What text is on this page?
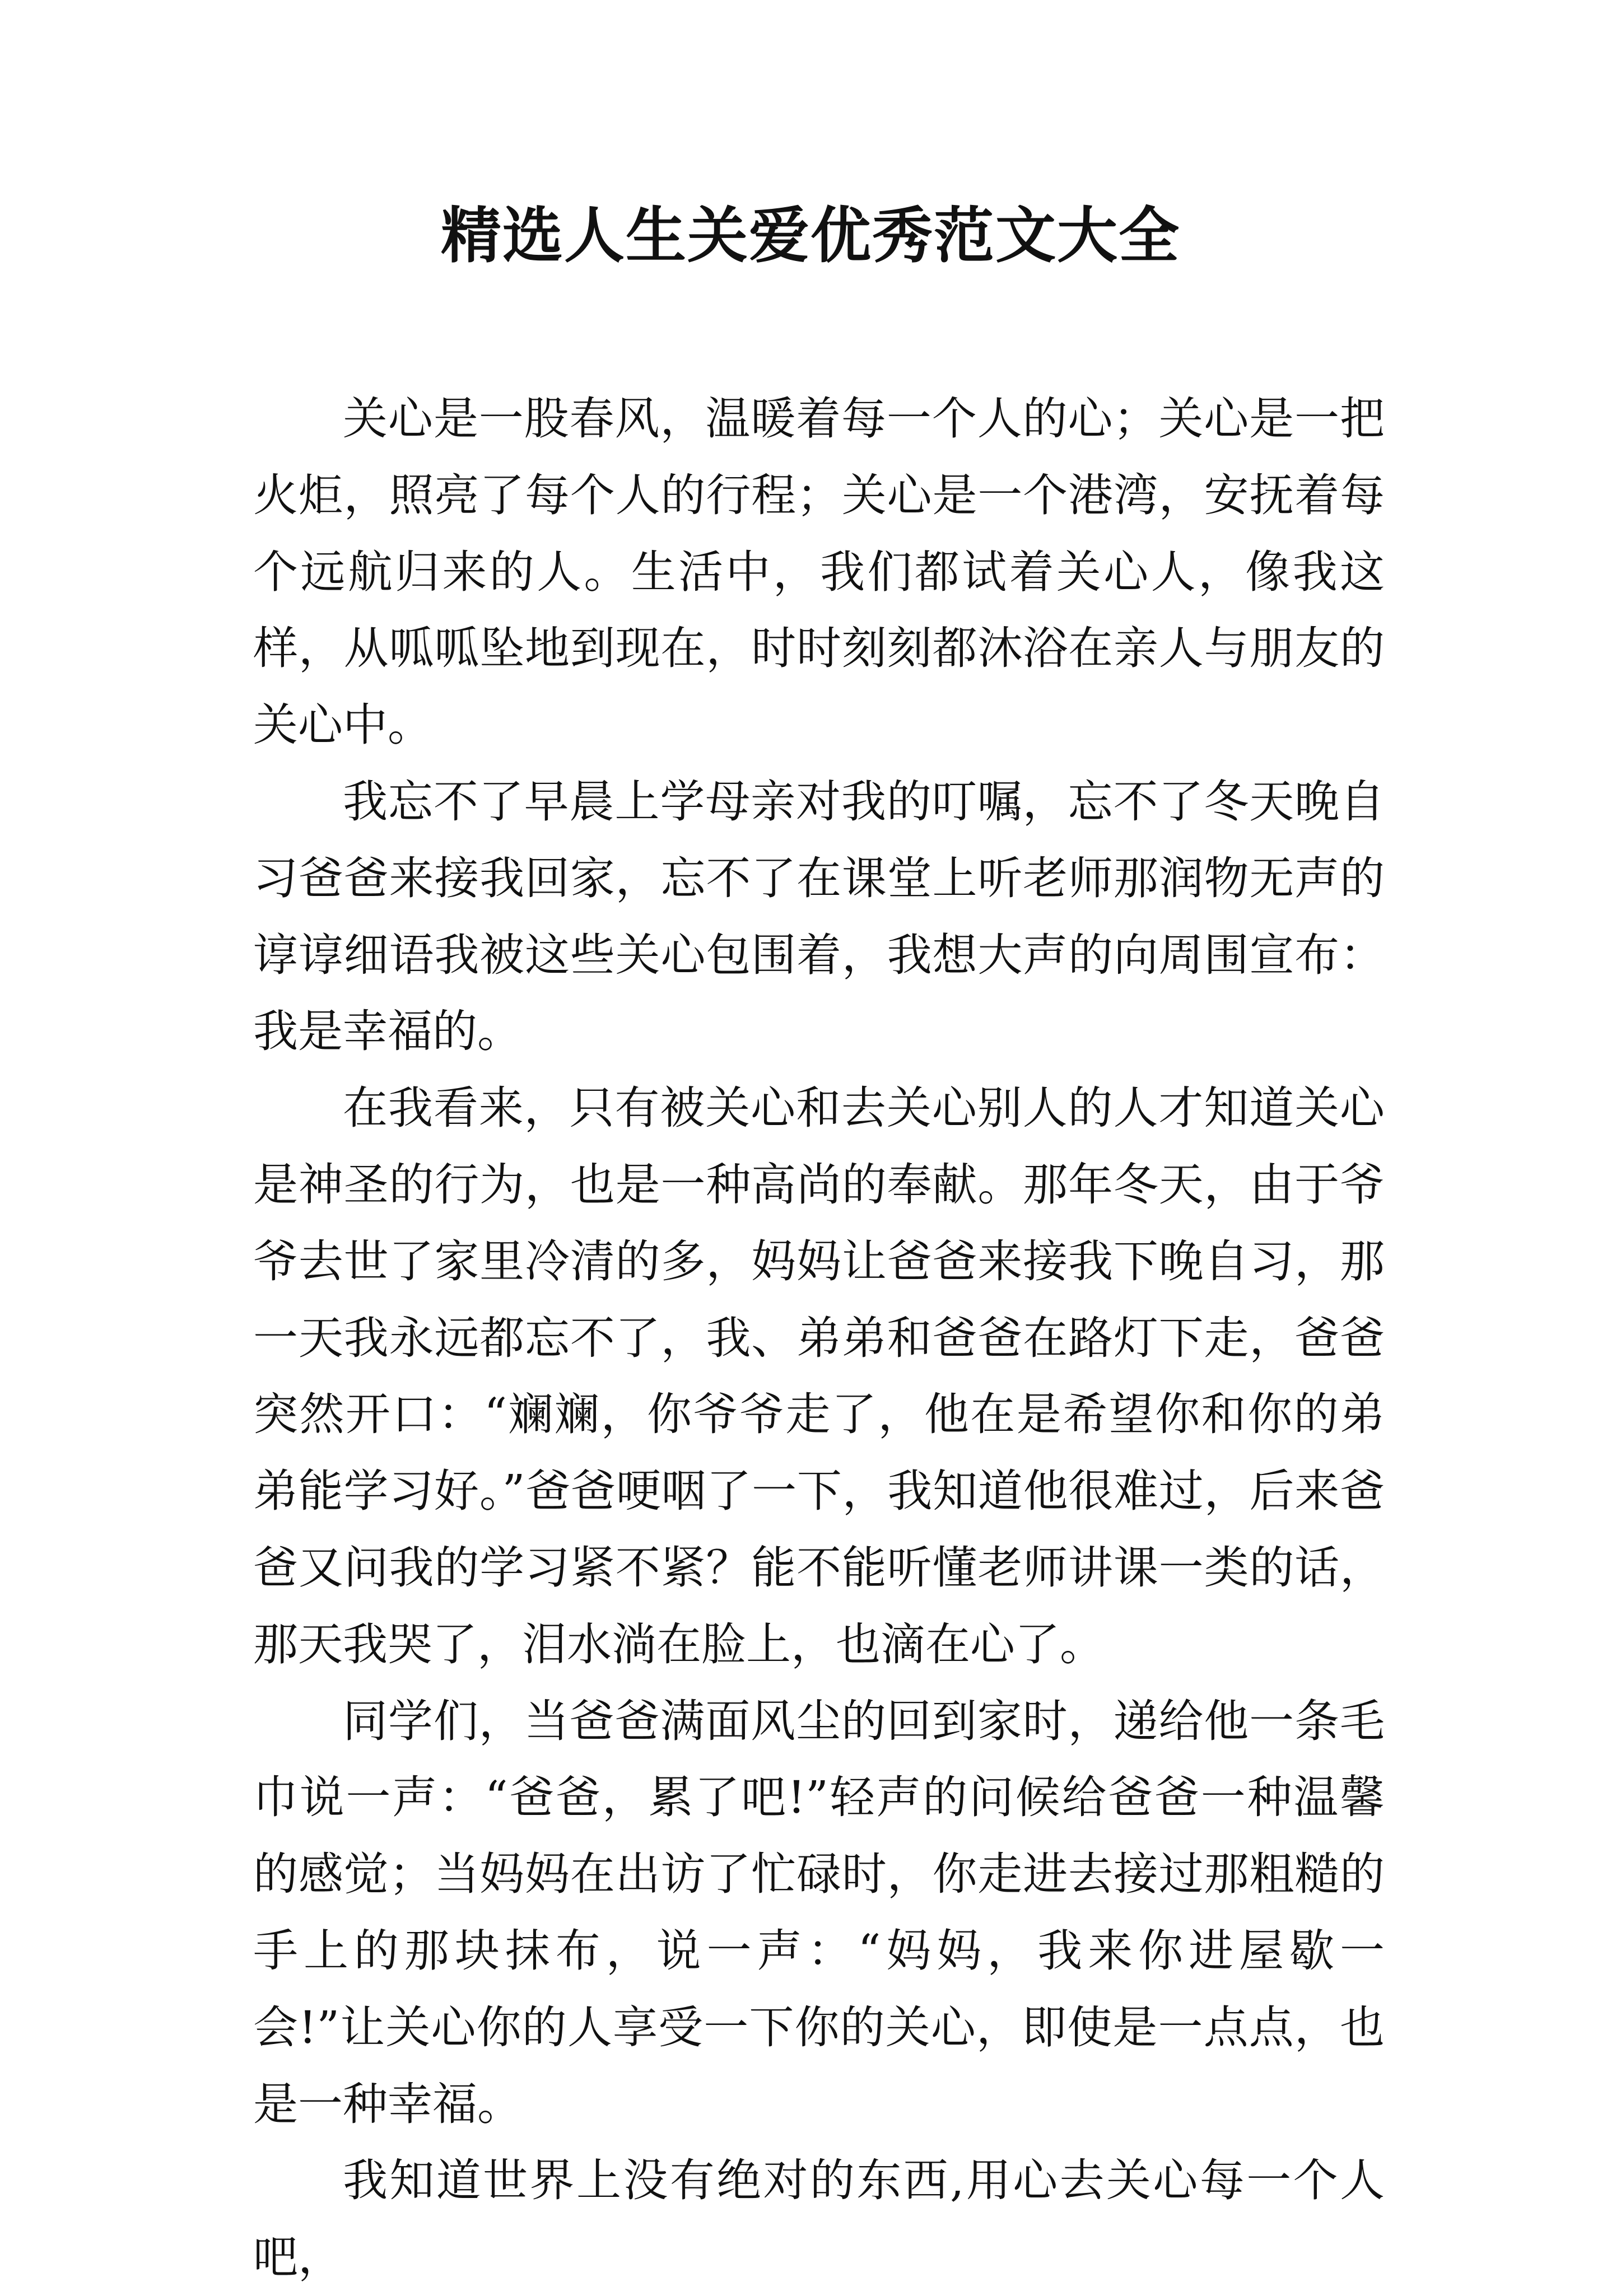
精选人生关爱优秀范文大全

关心是一股春风，温暖着每一个人的心；关心是一把火炬，照亮了每个人的行程；关心是一个港湾，安抚着每个远航归来的人。生活中，我们都试着关心人，像我这样，从呱呱坠地到现在，时时刻刻都沐浴在亲人与朋友的关心中。

我忘不了早晨上学母亲对我的叮嘱，忘不了冬天晚自习爸爸来接我回家，忘不了在课堂上听老师那润物无声的谆谆细语我被这些关心包围着，我想大声的向周围宣布：我是幸福的。

在我看来，只有被关心和去关心别人的人才知道关心是神圣的行为，也是一种高尚的奉献。那年冬天，由于爷爷去世了家里冷清的多，妈妈让爸爸来接我下晚自习，那一天我永远都忘不了，我、弟弟和爸爸在路灯下走，爸爸突然开口：“斓斓，你爷爷走了，他在是希望你和你的弟弟能学习好。”爸爸哽咽了一下，我知道他很难过，后来爸爸又问我的学习紧不紧？能不能听懂老师讲课一类的话，那天我哭了，泪水淌在脸上，也滴在心了。

同学们，当爸爸满面风尘的回到家时，递给他一条毛巾说一声：“爸爸，累了吧!”轻声的问候给爸爸一种温馨的感觉；当妈妈在出访了忙碌时，你走进去接过那粗糙的手上的那块抹布，说一声：“妈妈，我来你进屋歇一会!”让关心你的人享受一下你的关心，即使是一点点，也是一种幸福。

我知道世界上没有绝对的东西,用心去关心每一个人吧，
